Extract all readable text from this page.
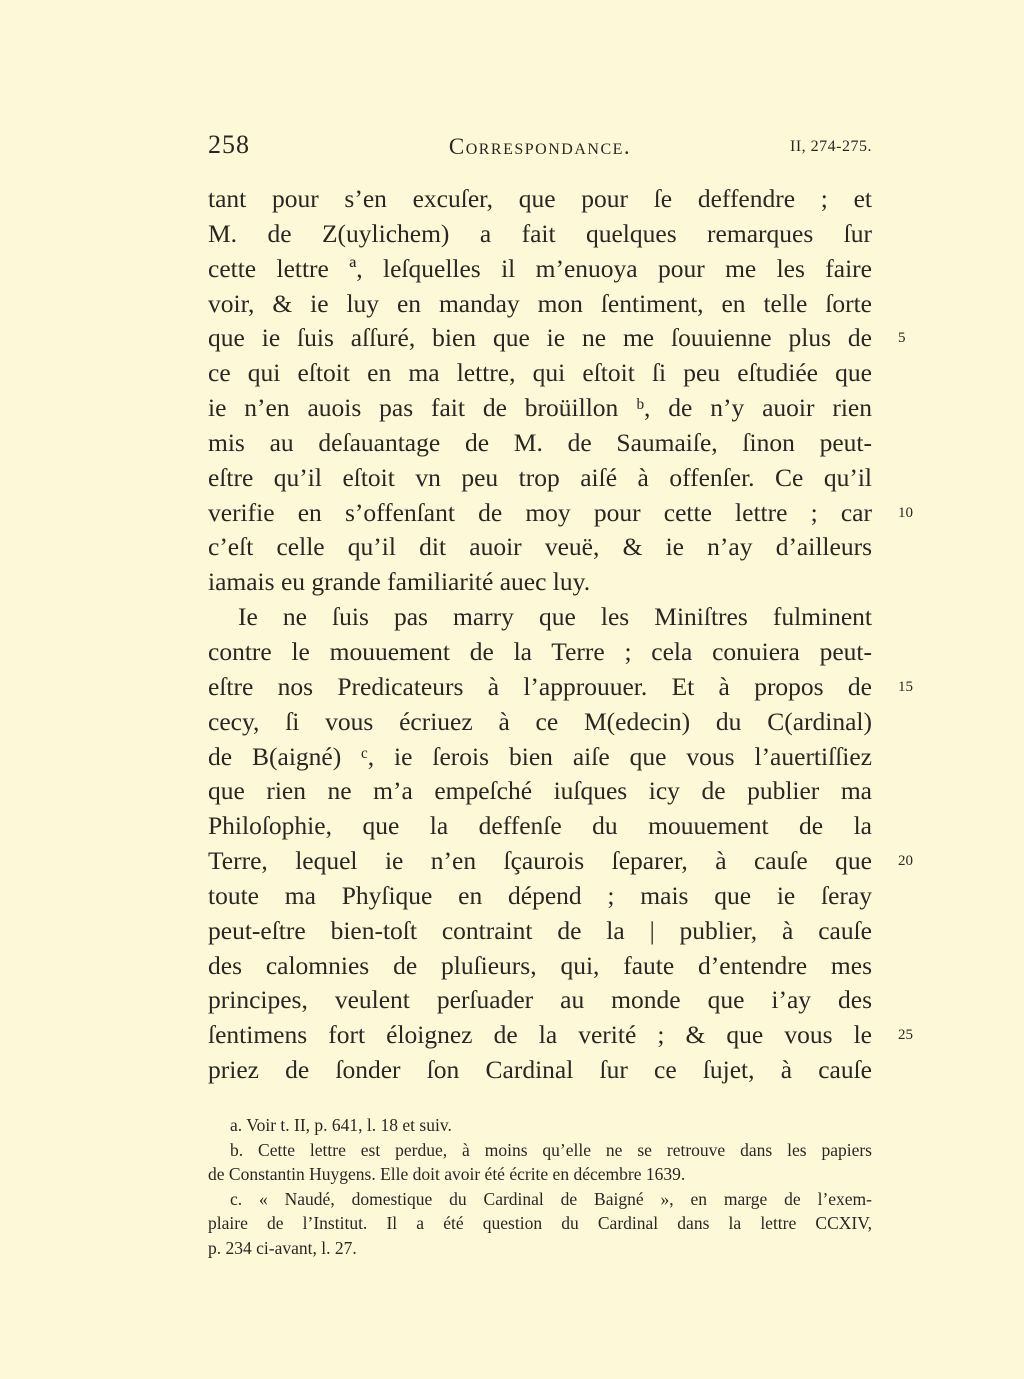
258	Correspondance.	II, 274-275.
tant pour s’en excuſer, que pour ſe deffendre ; et
M. de Z(uylichem) a fait quelques remarques ſur
cette lettre ª, leſquelles il m’enuoya pour me les faire
voir, & ie luy en manday mon ſentiment, en telle ſorte
que ie ſuis aſſuré, bien que ie ne me ſouuienne plus de 5
ce qui eſtoit en ma lettre, qui eſtoit ſi peu eſtudiée que
ie n’en auois pas fait de broüillon ᵇ, de n’y auoir rien
mis au deſauantage de M. de Saumaiſe, ſinon peut-
eſtre qu’il eſtoit vn peu trop aiſé à offenſer. Ce qu’il
verifie en s’offenſant de moy pour cette lettre ; car 10
c’eſt celle qu’il dit auoir veuë, & ie n’ay d’ailleurs
iamais eu grande familiarité auec luy.
Ie ne ſuis pas marry que les Miniſtres fulminent
contre le mouuement de la Terre ; cela conuiera peut-
eſtre nos Predicateurs à l’approuuer. Et à propos de 15
cecy, ſi vous écriuez à ce M(edecin) du C(ardinal)
de B(aigné) ᶜ, ie ſerois bien aiſe que vous l’auertiſſiez
que rien ne m’a empeſché iuſques icy de publier ma
Philoſophie, que la deffenſe du mouuement de la
Terre, lequel ie n’en ſçaurois ſeparer, à cauſe que 20
toute ma Phyſique en dépend ; mais que ie ſeray
peut-eſtre bien-toſt contraint de la | publier, à cauſe
des calomnies de pluſieurs, qui, faute d’entendre mes
principes, veulent perſuader au monde que i’ay des
ſentimens fort éloignez de la verité ; & que vous le 25
priez de ſonder ſon Cardinal ſur ce ſujet, à cauſe
a. Voir t. II, p. 641, l. 18 et suiv.
b. Cette lettre est perdue, à moins qu’elle ne se retrouve dans les papiers
de Constantin Huygens. Elle doit avoir été écrite en décembre 1639.
c. « Naudé, domestique du Cardinal de Baigné », en marge de l’exem-
plaire de l’Institut. Il a été question du Cardinal dans la lettre CCXIV,
p. 234 ci-avant, l. 27.
